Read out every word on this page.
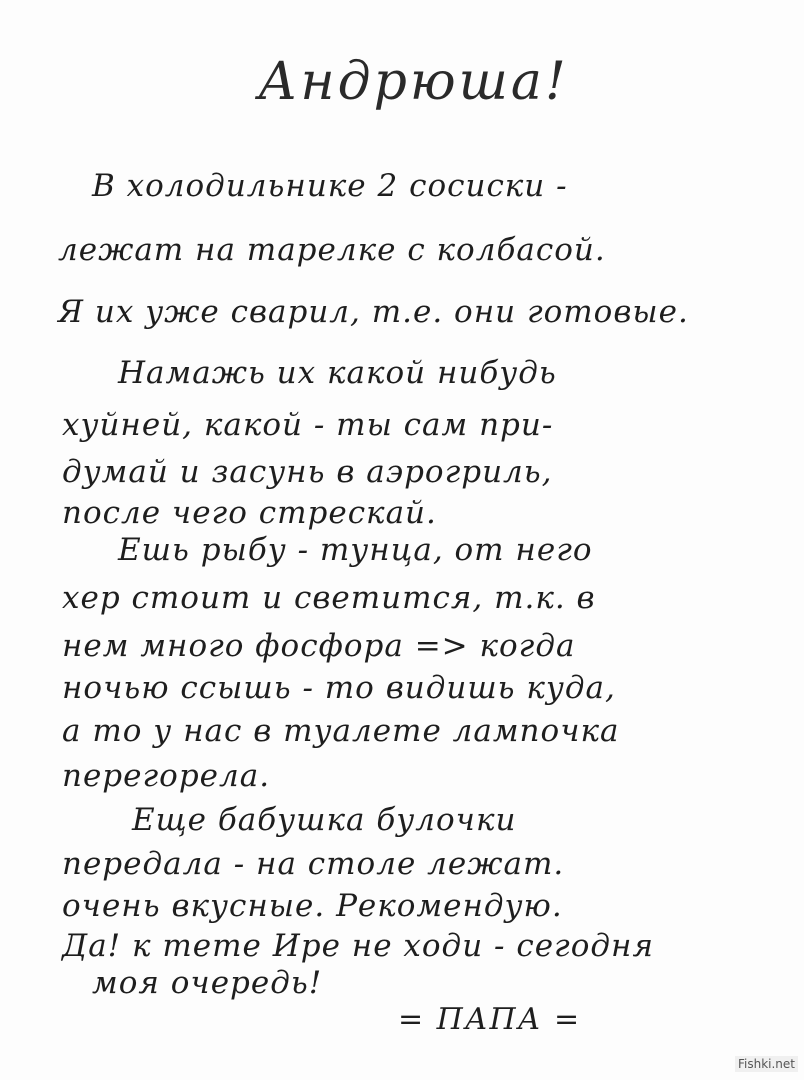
Андрюша!
В холодильнике 2 сосиски -
лежат на тарелке с колбасой.
Я их уже сварил, т.е. они готовые.
Намажь их какой нибудь
хуйней, какой - ты сам при-
думай и засунь в аэрогриль,
после чего стрескай.
Ешь рыбу - тунца, от него
хер стоит и светится, т.к. в
нем много фосфора => когда
ночью ссышь - то видишь куда,
а то у нас в туалете лампочка
перегорела.
Еще бабушка булочки
передала - на столе лежат.
очень вкусные. Рекомендую.
Да! к тете Ире не ходи - сегодня
моя очередь!
= ПАПА =
Fishki.net
